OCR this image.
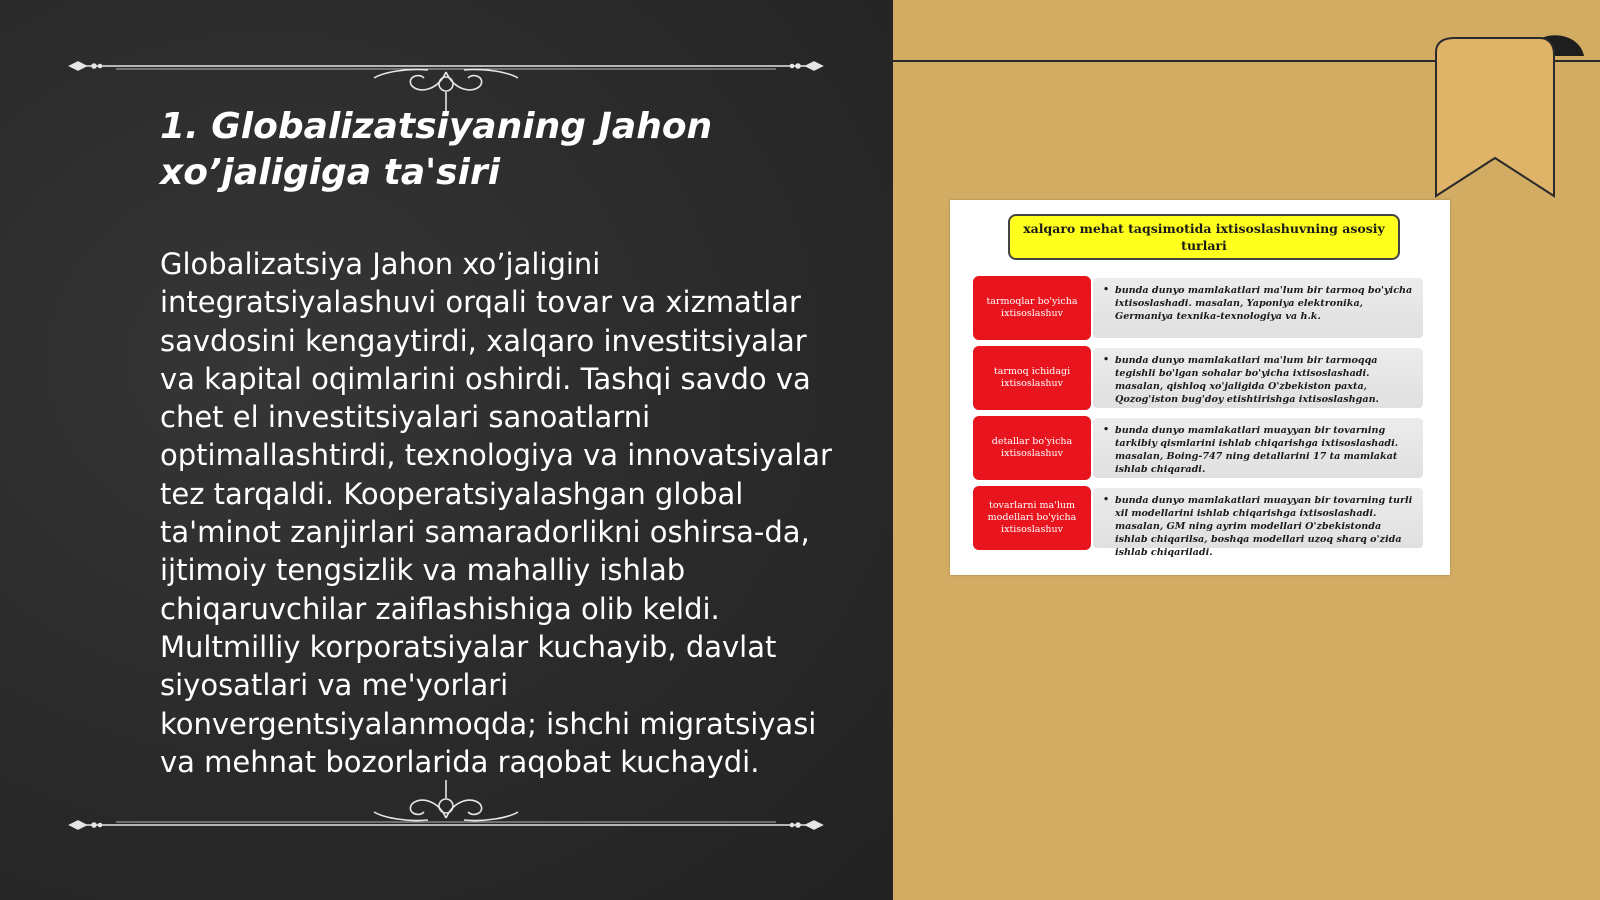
1. Globalizatsiyaning Jahon xo’jaligiga ta'siri

Globalizatsiya Jahon xo’jaligini integratsiyalashuvi orqali tovar va xizmatlar savdosini kengaytirdi, xalqaro investitsiyalar va kapital oqimlarini oshirdi. Tashqi savdo va chet el investitsiyalari sanoatlarni optimallashtirdi, texnologiya va innovatsiyalar tez tarqaldi. Kooperatsiyalashgan global ta'minot zanjirlari samaradorlikni oshirsa-da, ijtimoiy tengsizlik va mahalliy ishlab chiqaruvchilar zaiflashishiga olib keldi. Multmilliy korporatsiyalar kuchayib, davlat siyosatlari va me'yorlari konvergentsiyalanmoqda; ishchi migratsiyasi va mehnat bozorlarida raqobat kuchaydi.

xalqaro mehat taqsimotida ixtisoslashuvning asosiy turlari
tarmoqlar bo'yicha ixtisoslashuv
• bunda dunyo mamlakatlari ma'lum bir tarmoq bo'yicha ixtisoslashadi. masalan, Yaponiya elektronika, Germaniya texnika-texnologiya va h.k.
tarmoq ichidagi ixtisoslashuv
• bunda dunyo mamlakatlari ma'lum bir tarmoqqa tegishli bo'lgan sohalar bo'yicha ixtisoslashadi. masalan, qishloq xo'jaligida O'zbekiston paxta, Qozog'iston bug'doy etishtirishga ixtisoslashgan.
detallar bo'yicha ixtisoslashuv
• bunda dunyo mamlakatlari muayyan bir tovarning tarkibiy qismlarini ishlab chiqarishga ixtisoslashadi. masalan, Boing-747 ning detallarini 17 ta mamlakat ishlab chiqaradi.
tovarlarni ma'lum modellari bo'yicha ixtisoslashuv
• bunda dunyo mamlakatlari muayyan bir tovarning turli xil modellarini ishlab chiqarishga ixtisoslashadi. masalan, GM ning ayrim modellari O'zbekistonda ishlab chiqarilsa, boshqa modellari uzoq sharq o'zida ishlab chiqariladi.
